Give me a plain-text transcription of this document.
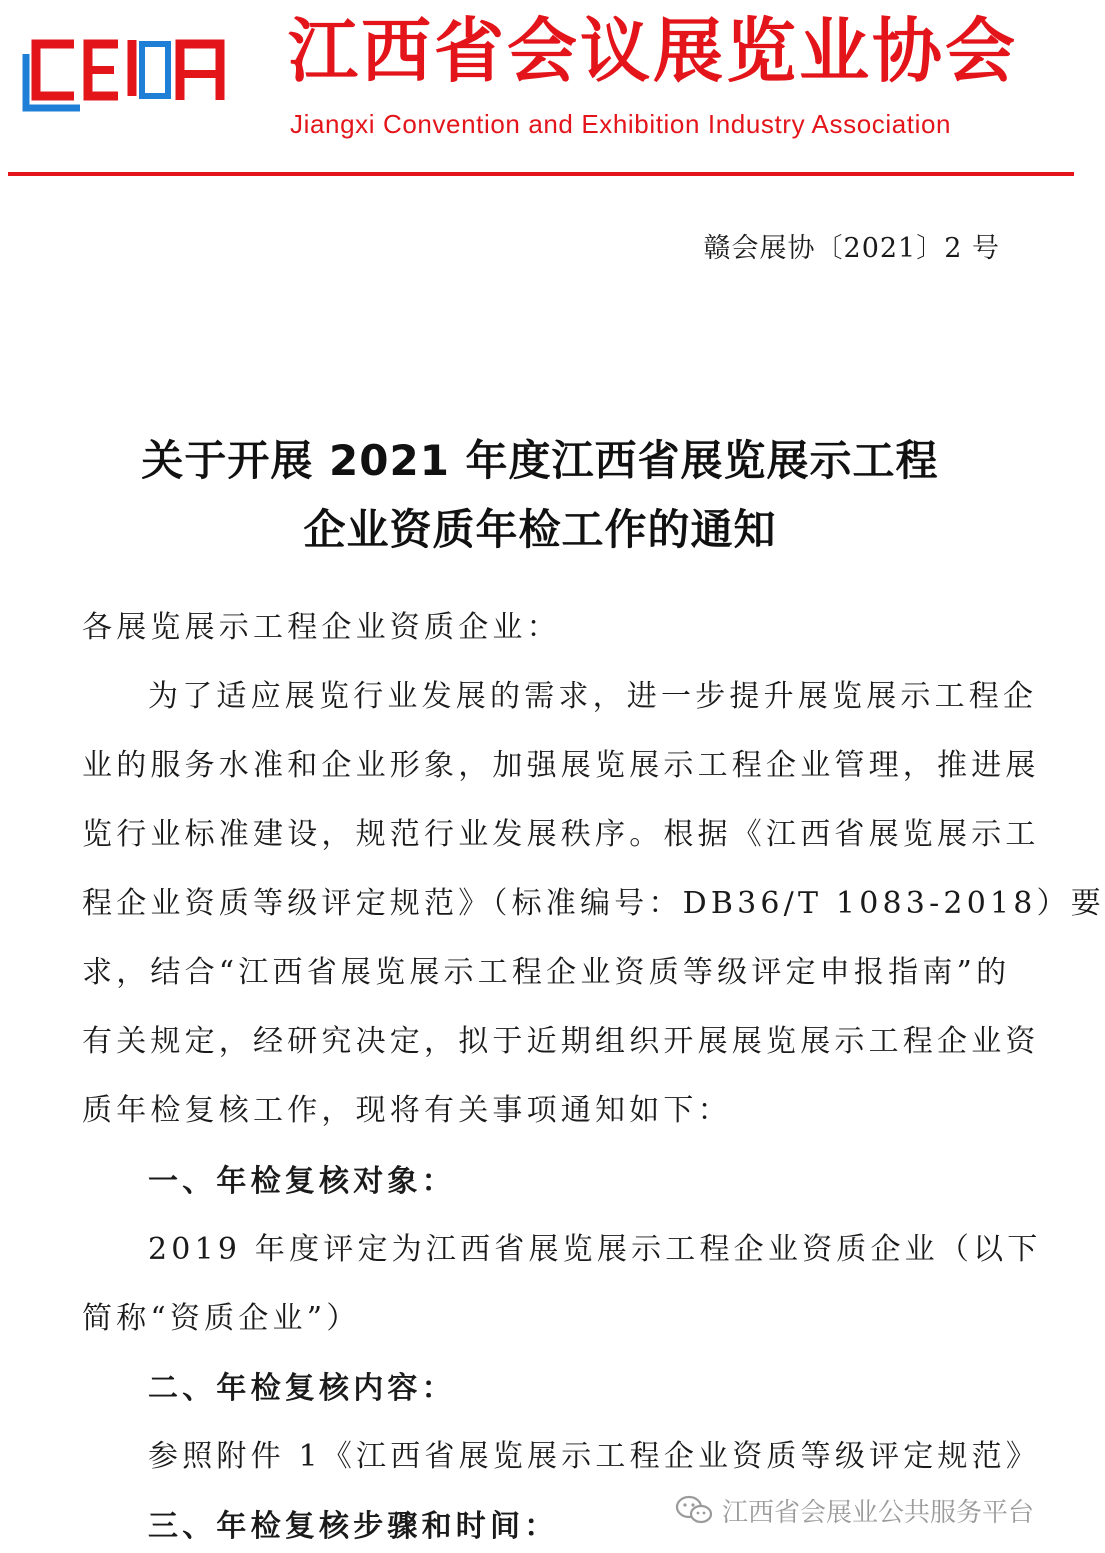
江西省会议展览业协会
Jiangxi Convention and Exhibition Industry Association
赣会展协〔2021〕2 号
关于开展 2021 年度江西省展览展示工程
企业资质年检工作的通知
各展览展示工程企业资质企业：
为了适应展览行业发展的需求，进一步提升展览展示工程企
业的服务水准和企业形象，加强展览展示工程企业管理，推进展
览行业标准建设，规范行业发展秩序。根据《江西省展览展示工
程企业资质等级评定规范》（标准编号：DB36/T 1083-2018）要
求，结合“江西省展览展示工程企业资质等级评定申报指南”的
有关规定，经研究决定，拟于近期组织开展展览展示工程企业资
质年检复核工作，现将有关事项通知如下：
一、年检复核对象：
2019 年度评定为江西省展览展示工程企业资质企业（以下
简称“资质企业”）
二、年检复核内容：
参照附件 1《江西省展览展示工程企业资质等级评定规范》
三、年检复核步骤和时间：	江西省会展业公共服务平台
